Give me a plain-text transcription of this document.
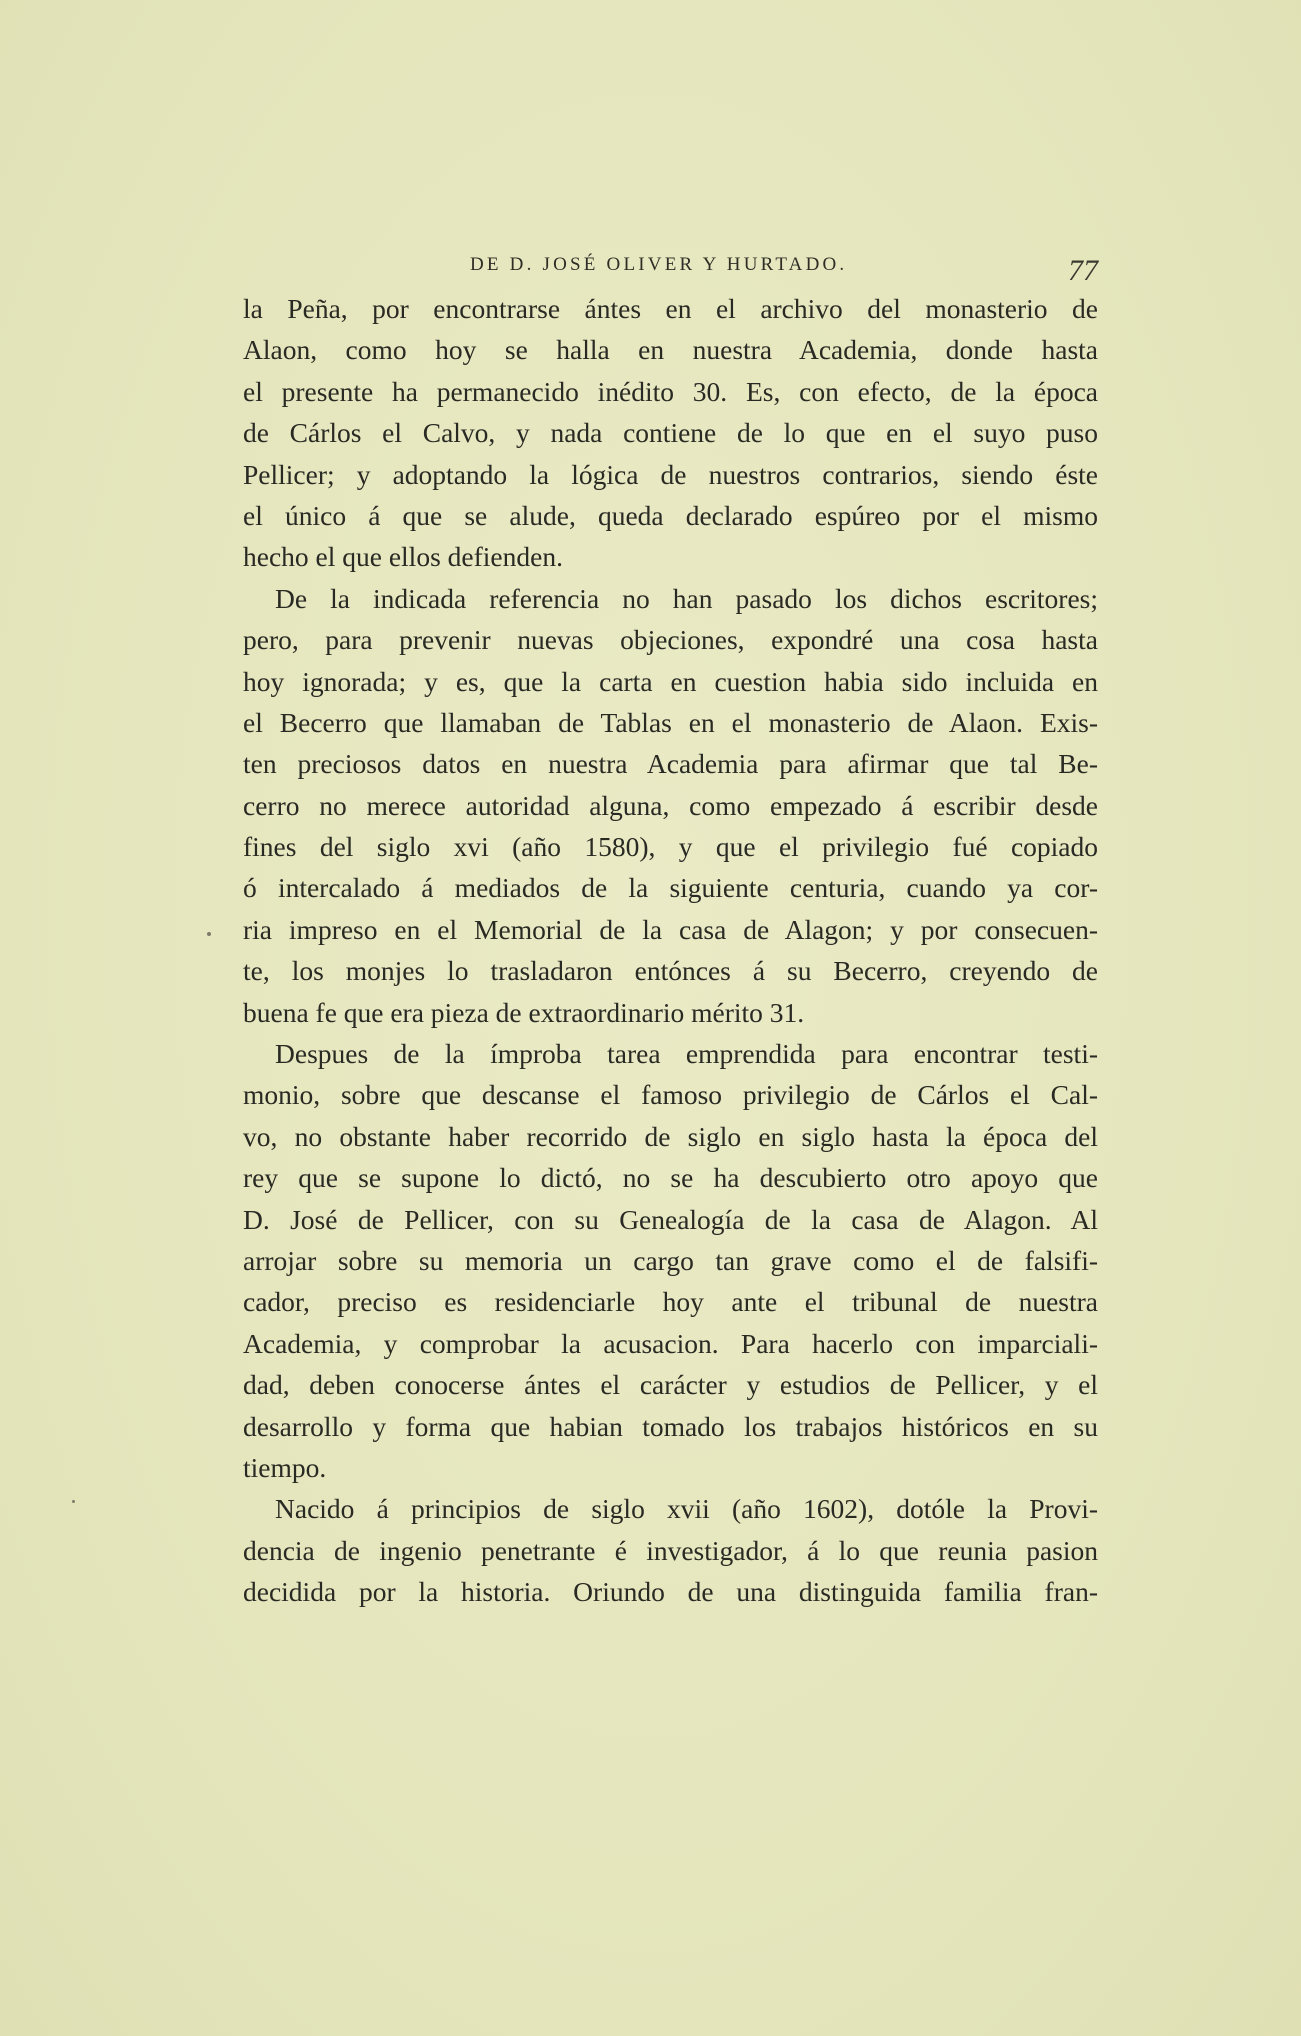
DE D. JOSÉ OLIVER Y HURTADO.	77
la Peña, por encontrarse ántes en el archivo del monasterio de
Alaon, como hoy se halla en nuestra Academia, donde hasta
el presente ha permanecido inédito 30. Es, con efecto, de la época
de Cárlos el Calvo, y nada contiene de lo que en el suyo puso
Pellicer; y adoptando la lógica de nuestros contrarios, siendo éste
el único á que se alude, queda declarado espúreo por el mismo
hecho el que ellos defienden.
De la indicada referencia no han pasado los dichos escritores;
pero, para prevenir nuevas objeciones, expondré una cosa hasta
hoy ignorada; y es, que la carta en cuestion habia sido incluida en
el Becerro que llamaban de Tablas en el monasterio de Alaon. Exis-
ten preciosos datos en nuestra Academia para afirmar que tal Be-
cerro no merece autoridad alguna, como empezado á escribir desde
fines del siglo xvi (año 1580), y que el privilegio fué copiado
ó intercalado á mediados de la siguiente centuria, cuando ya cor-
ria impreso en el Memorial de la casa de Alagon; y por consecuen-
te, los monjes lo trasladaron entónces á su Becerro, creyendo de
buena fe que era pieza de extraordinario mérito 31.
Despues de la ímproba tarea emprendida para encontrar testi-
monio, sobre que descanse el famoso privilegio de Cárlos el Cal-
vo, no obstante haber recorrido de siglo en siglo hasta la época del
rey que se supone lo dictó, no se ha descubierto otro apoyo que
D. José de Pellicer, con su Genealogía de la casa de Alagon. Al
arrojar sobre su memoria un cargo tan grave como el de falsifi-
cador, preciso es residenciarle hoy ante el tribunal de nuestra
Academia, y comprobar la acusacion. Para hacerlo con imparciali-
dad, deben conocerse ántes el carácter y estudios de Pellicer, y el
desarrollo y forma que habian tomado los trabajos históricos en su
tiempo.
Nacido á principios de siglo xvii (año 1602), dotóle la Provi-
dencia de ingenio penetrante é investigador, á lo que reunia pasion
decidida por la historia. Oriundo de una distinguida familia fran-
